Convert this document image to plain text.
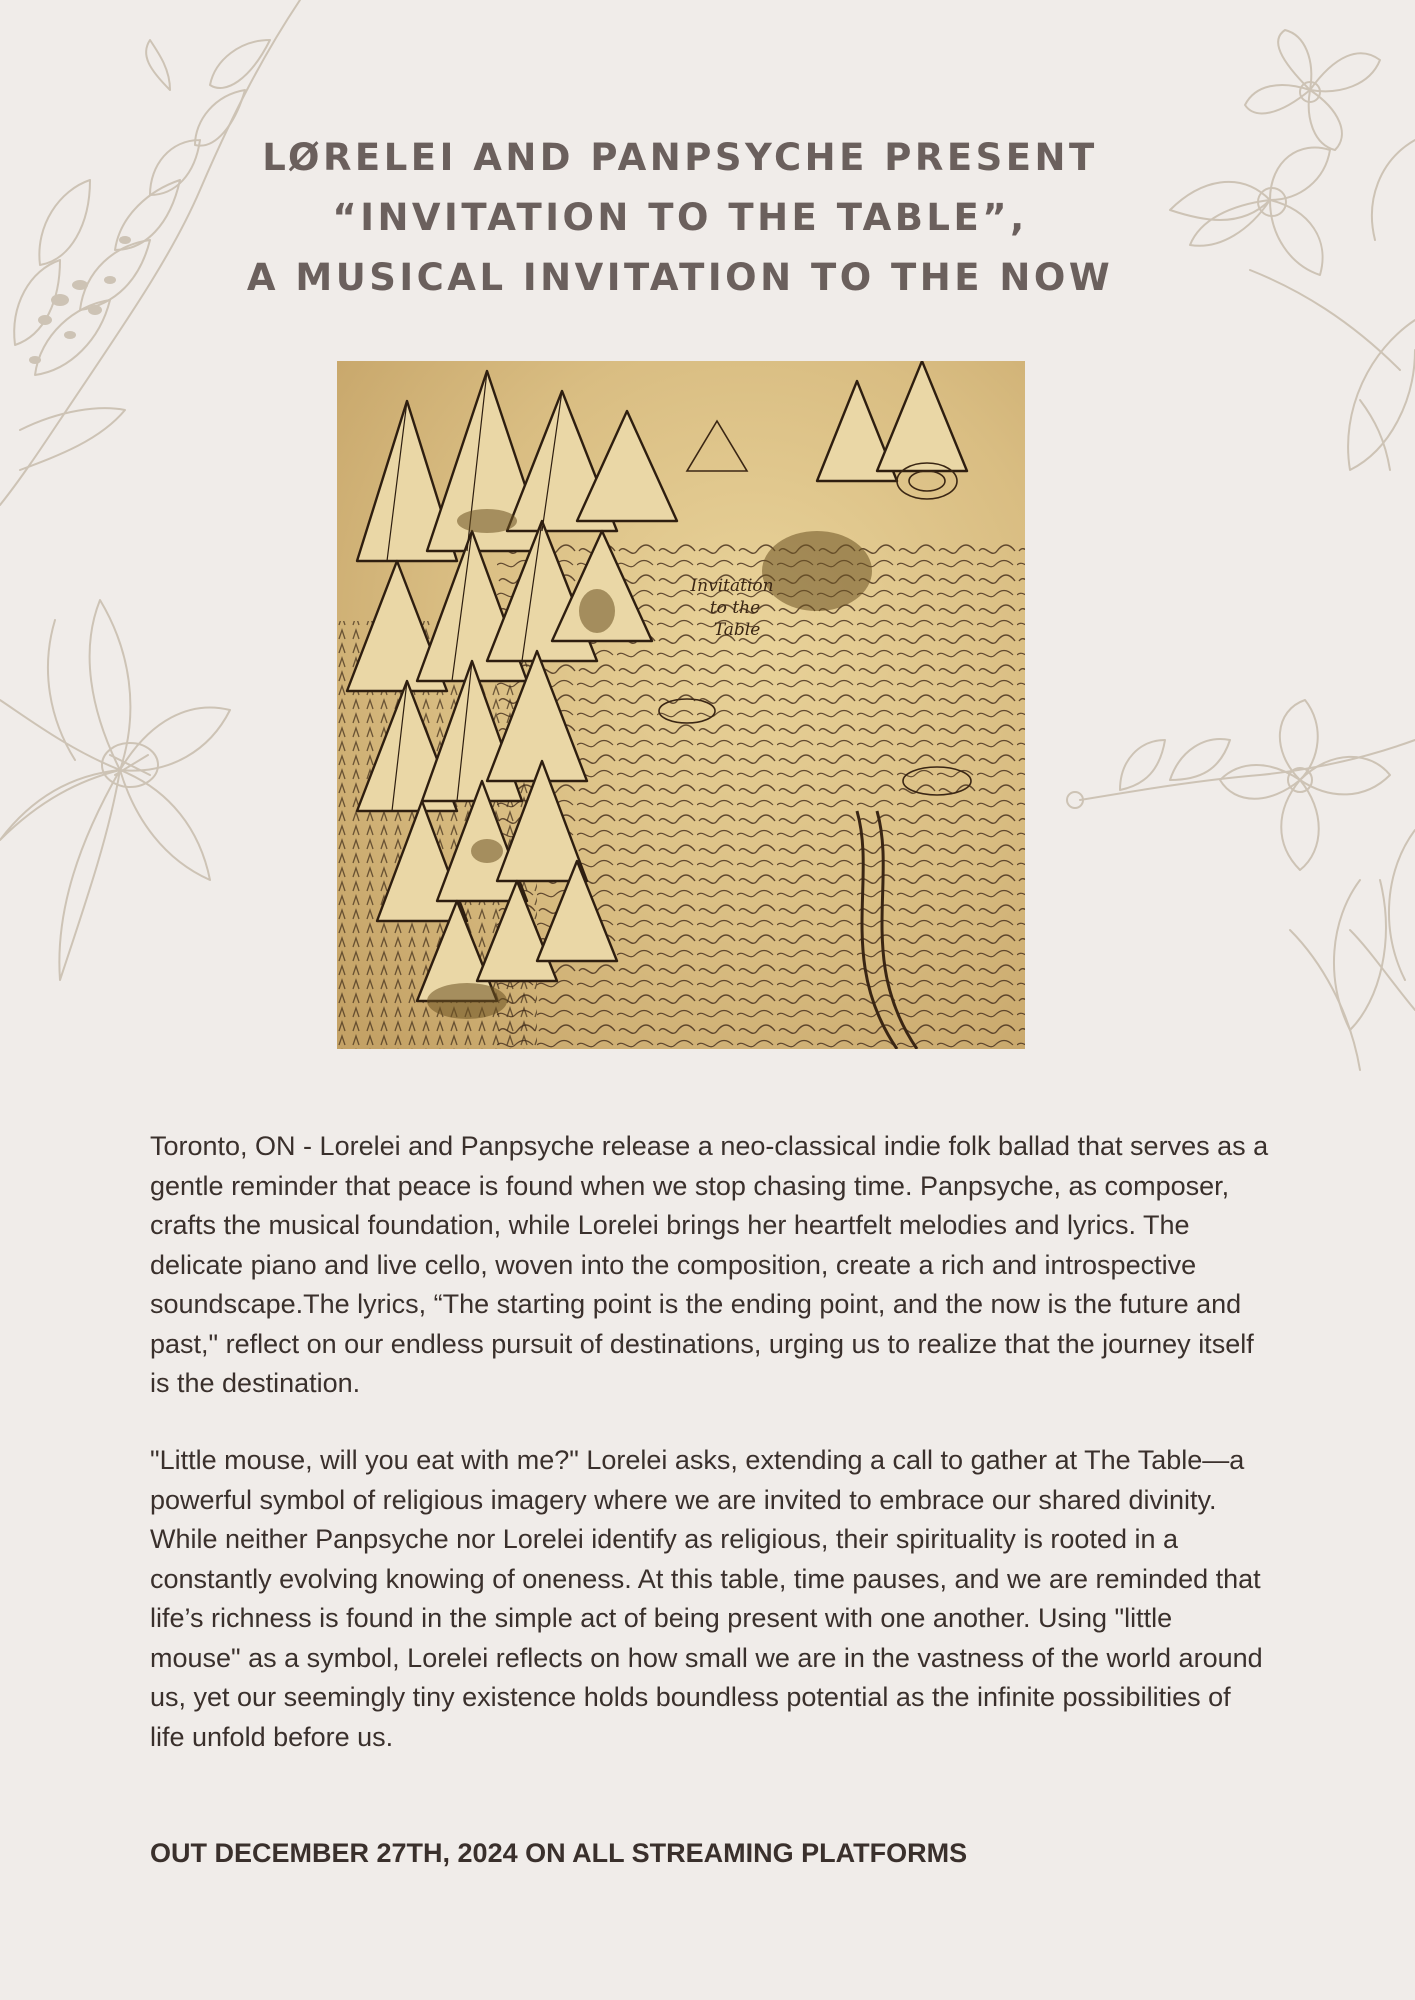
LØRELEI AND PANPSYCHE PRESENT
“INVITATION TO THE TABLE”,
A MUSICAL INVITATION TO THE NOW
Invitation
to the
Table

Toronto, ON - Lorelei and Panpsyche release a neo-classical indie folk ballad that serves as a gentle reminder that peace is found when we stop chasing time. Panpsyche, as composer, crafts the musical foundation, while Lorelei brings her heartfelt melodies and lyrics. The delicate piano and live cello, woven into the composition, create a rich and introspective soundscape.The lyrics, “The starting point is the ending point, and the now is the future and past," reflect on our endless pursuit of destinations, urging us to realize that the journey itself is the destination.

"Little mouse, will you eat with me?" Lorelei asks, extending a call to gather at The Table—a powerful symbol of religious imagery where we are invited to embrace our shared divinity. While neither Panpsyche nor Lorelei identify as religious, their spirituality is rooted in a constantly evolving knowing of oneness. At this table, time pauses, and we are reminded that life’s richness is found in the simple act of being present with one another. Using "little mouse" as a symbol, Lorelei reflects on how small we are in the vastness of the world around us, yet our seemingly tiny existence holds boundless potential as the infinite possibilities of life unfold before us.

OUT DECEMBER 27TH, 2024 ON ALL STREAMING PLATFORMS
